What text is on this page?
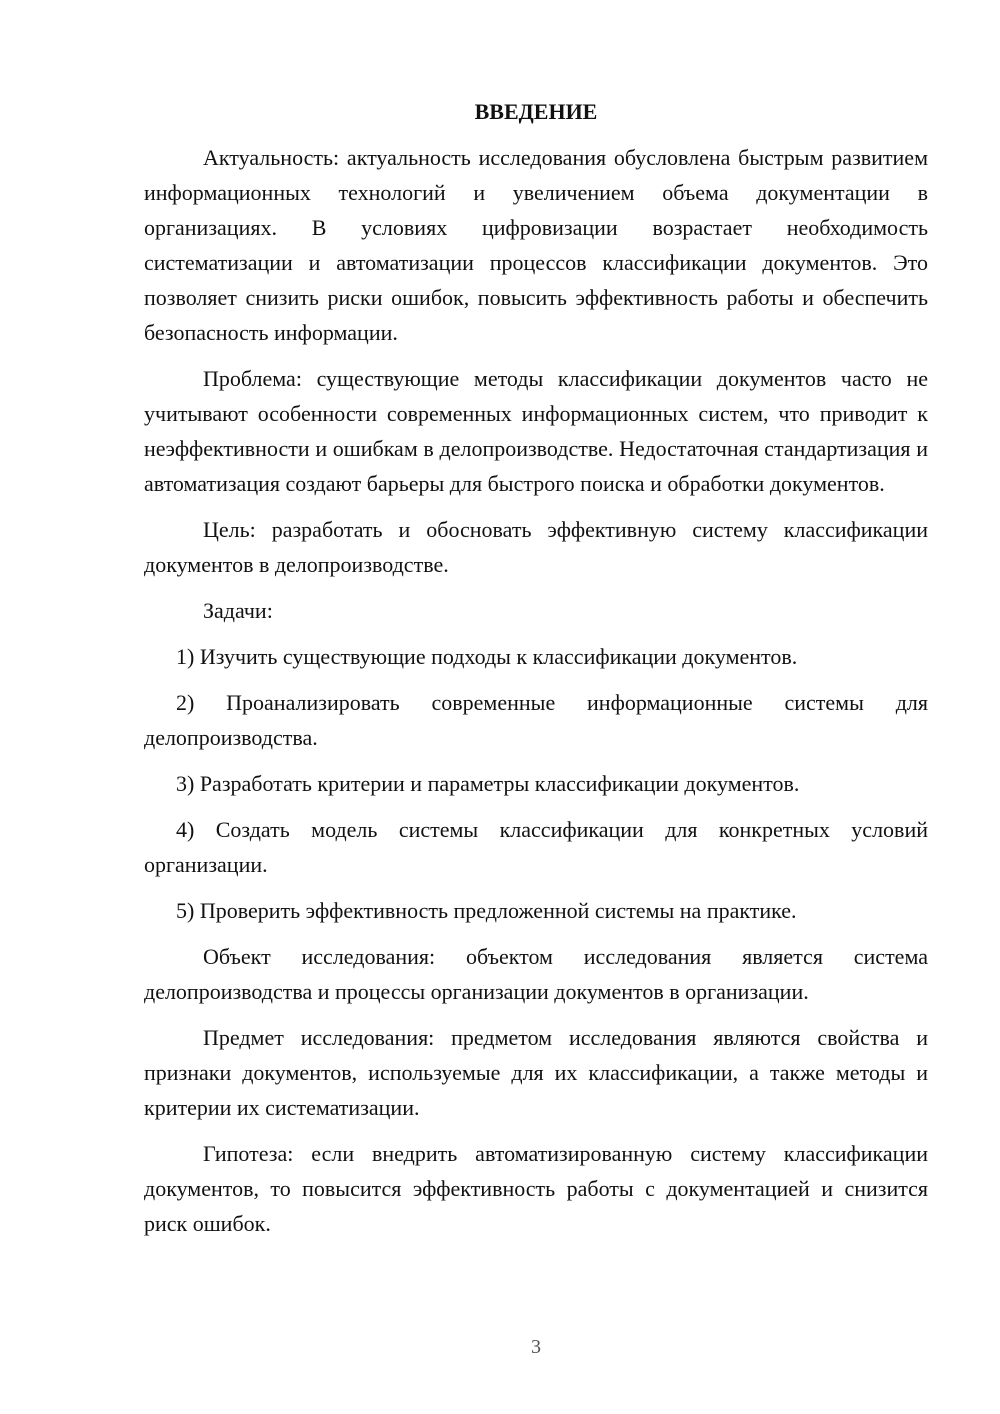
ВВЕДЕНИЕ

Актуальность: актуальность исследования обусловлена быстрым развитием информационных технологий и увеличением объема документации в организациях. В условиях цифровизации возрастает необходимость систематизации и автоматизации процессов классификации документов. Это позволяет снизить риски ошибок, повысить эффективность работы и обеспечить безопасность информации.

Проблема: существующие методы классификации документов часто не учитывают особенности современных информационных систем, что приводит к неэффективности и ошибкам в делопроизводстве. Недостаточная стандартизация и автоматизация создают барьеры для быстрого поиска и обработки документов.

Цель: разработать и обосновать эффективную систему классификации документов в делопроизводстве.

Задачи:

1) Изучить существующие подходы к классификации документов.

2) Проанализировать современные информационные системы для делопроизводства.

3) Разработать критерии и параметры классификации документов.

4) Создать модель системы классификации для конкретных условий организации.

5) Проверить эффективность предложенной системы на практике.

Объект исследования: объектом исследования является система делопроизводства и процессы организации документов в организации.

Предмет исследования: предметом исследования являются свойства и признаки документов, используемые для их классификации, а также методы и критерии их систематизации.

Гипотеза: если внедрить автоматизированную систему классификации документов, то повысится эффективность работы с документацией и снизится риск ошибок.

3
